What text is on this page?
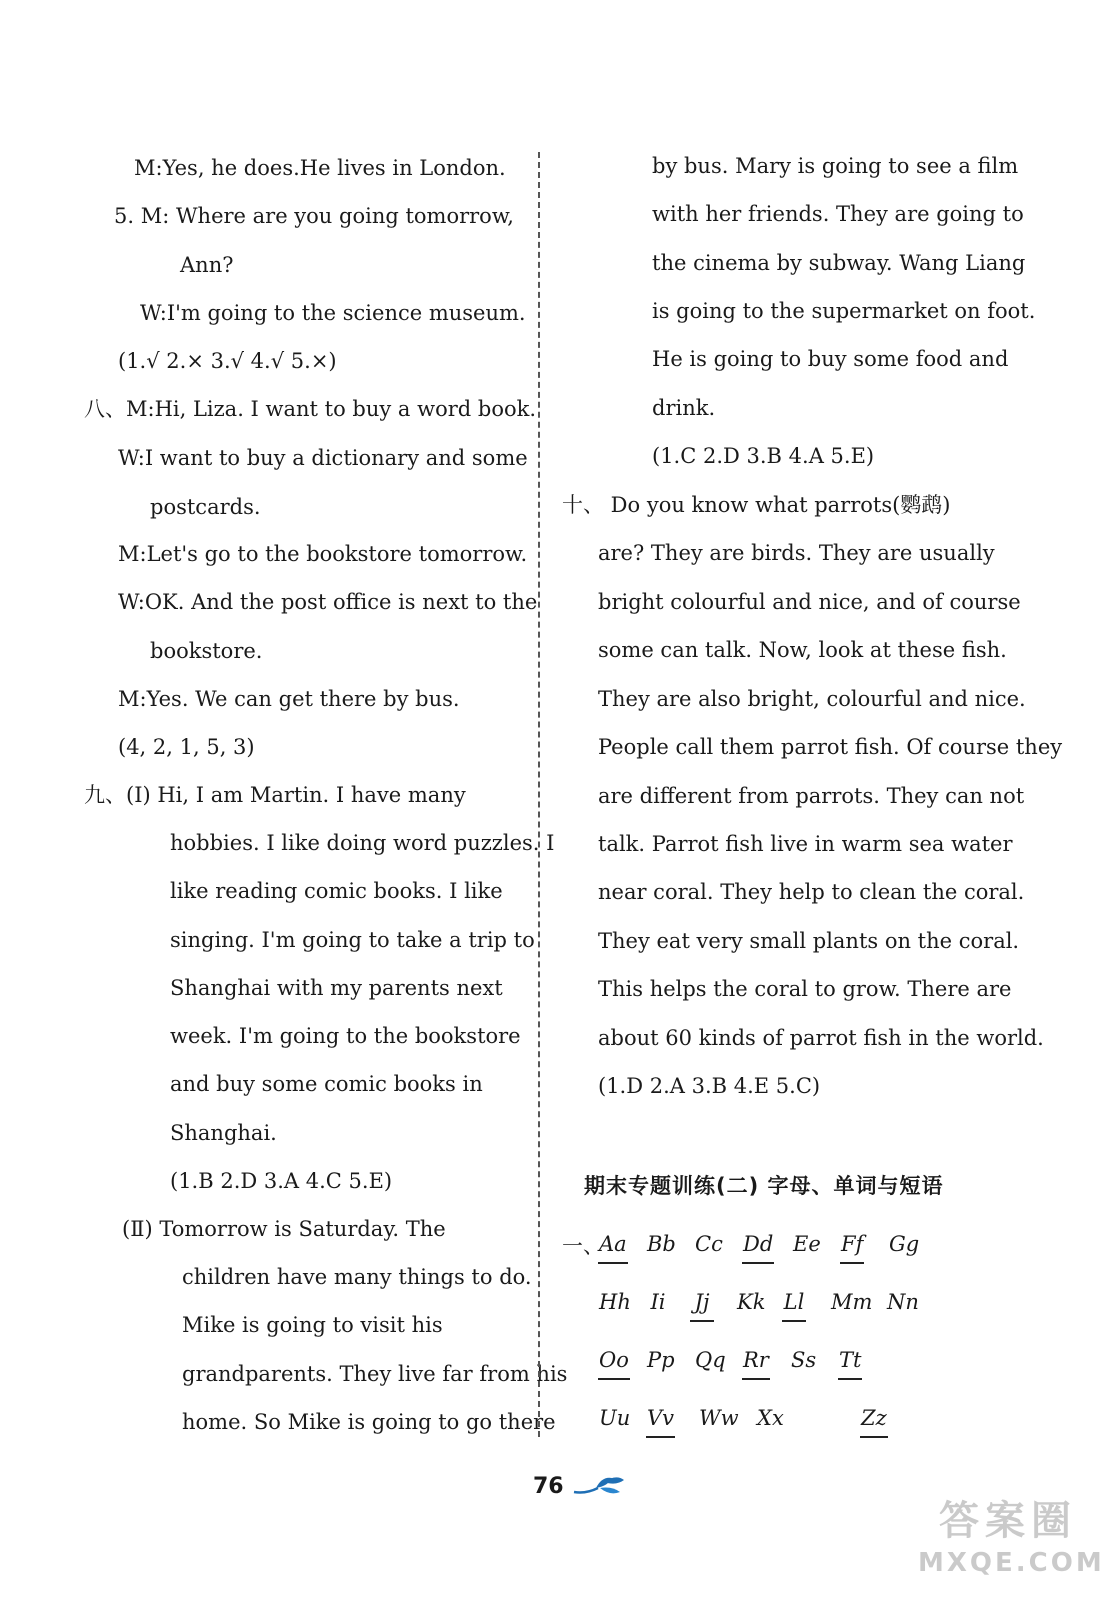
M:Yes, he does.He lives in London.
5. M: Where are you going tomorrow,
Ann?
W:I'm going to the science museum.
(1.√ 2.× 3.√ 4.√ 5.×)
八、M:Hi, Liza. I want to buy a word book.
W:I want to buy a dictionary and some
postcards.
M:Let's go to the bookstore tomorrow.
W:OK. And the post office is next to the
bookstore.
M:Yes. We can get there by bus.
(4, 2, 1, 5, 3)
九、(Ⅰ) Hi, I am Martin. I have many
hobbies. I like doing word puzzles. I
like reading comic books. I like
singing. I'm going to take a trip to
Shanghai with my parents next
week. I'm going to the bookstore
and buy some comic books in
Shanghai.
(1.B 2.D 3.A 4.C 5.E)
(Ⅱ) Tomorrow is Saturday. The
children have many things to do.
Mike is going to visit his
grandparents. They live far from his
home. So Mike is going to go there
by bus. Mary is going to see a film
with her friends. They are going to
the cinema by subway. Wang Liang
is going to the supermarket on foot.
He is going to buy some food and
drink.
(1.C 2.D 3.B 4.A 5.E)
十、 Do you know what parrots(鹦鹉)
are? They are birds. They are usually
bright colourful and nice, and of course
some can talk. Now, look at these fish.
They are also bright, colourful and nice.
People call them parrot fish. Of course they
are different from parrots. They can not
talk. Parrot fish live in warm sea water
near coral. They help to clean the coral.
They eat very small plants on the coral.
This helps the coral to grow. There are
about 60 kinds of parrot fish in the world.
(1.D 2.A 3.B 4.E 5.C)
期末专题训练(二) 字母、单词与短语
一、
Aa Bb Cc Dd Ee Ff Gg
Hh Ii Jj Kk Ll Mm Nn
Oo Pp Qq Rr Ss Tt
Uu Vv Ww Xx	Zz
76
答案圈
MXQE.COM
